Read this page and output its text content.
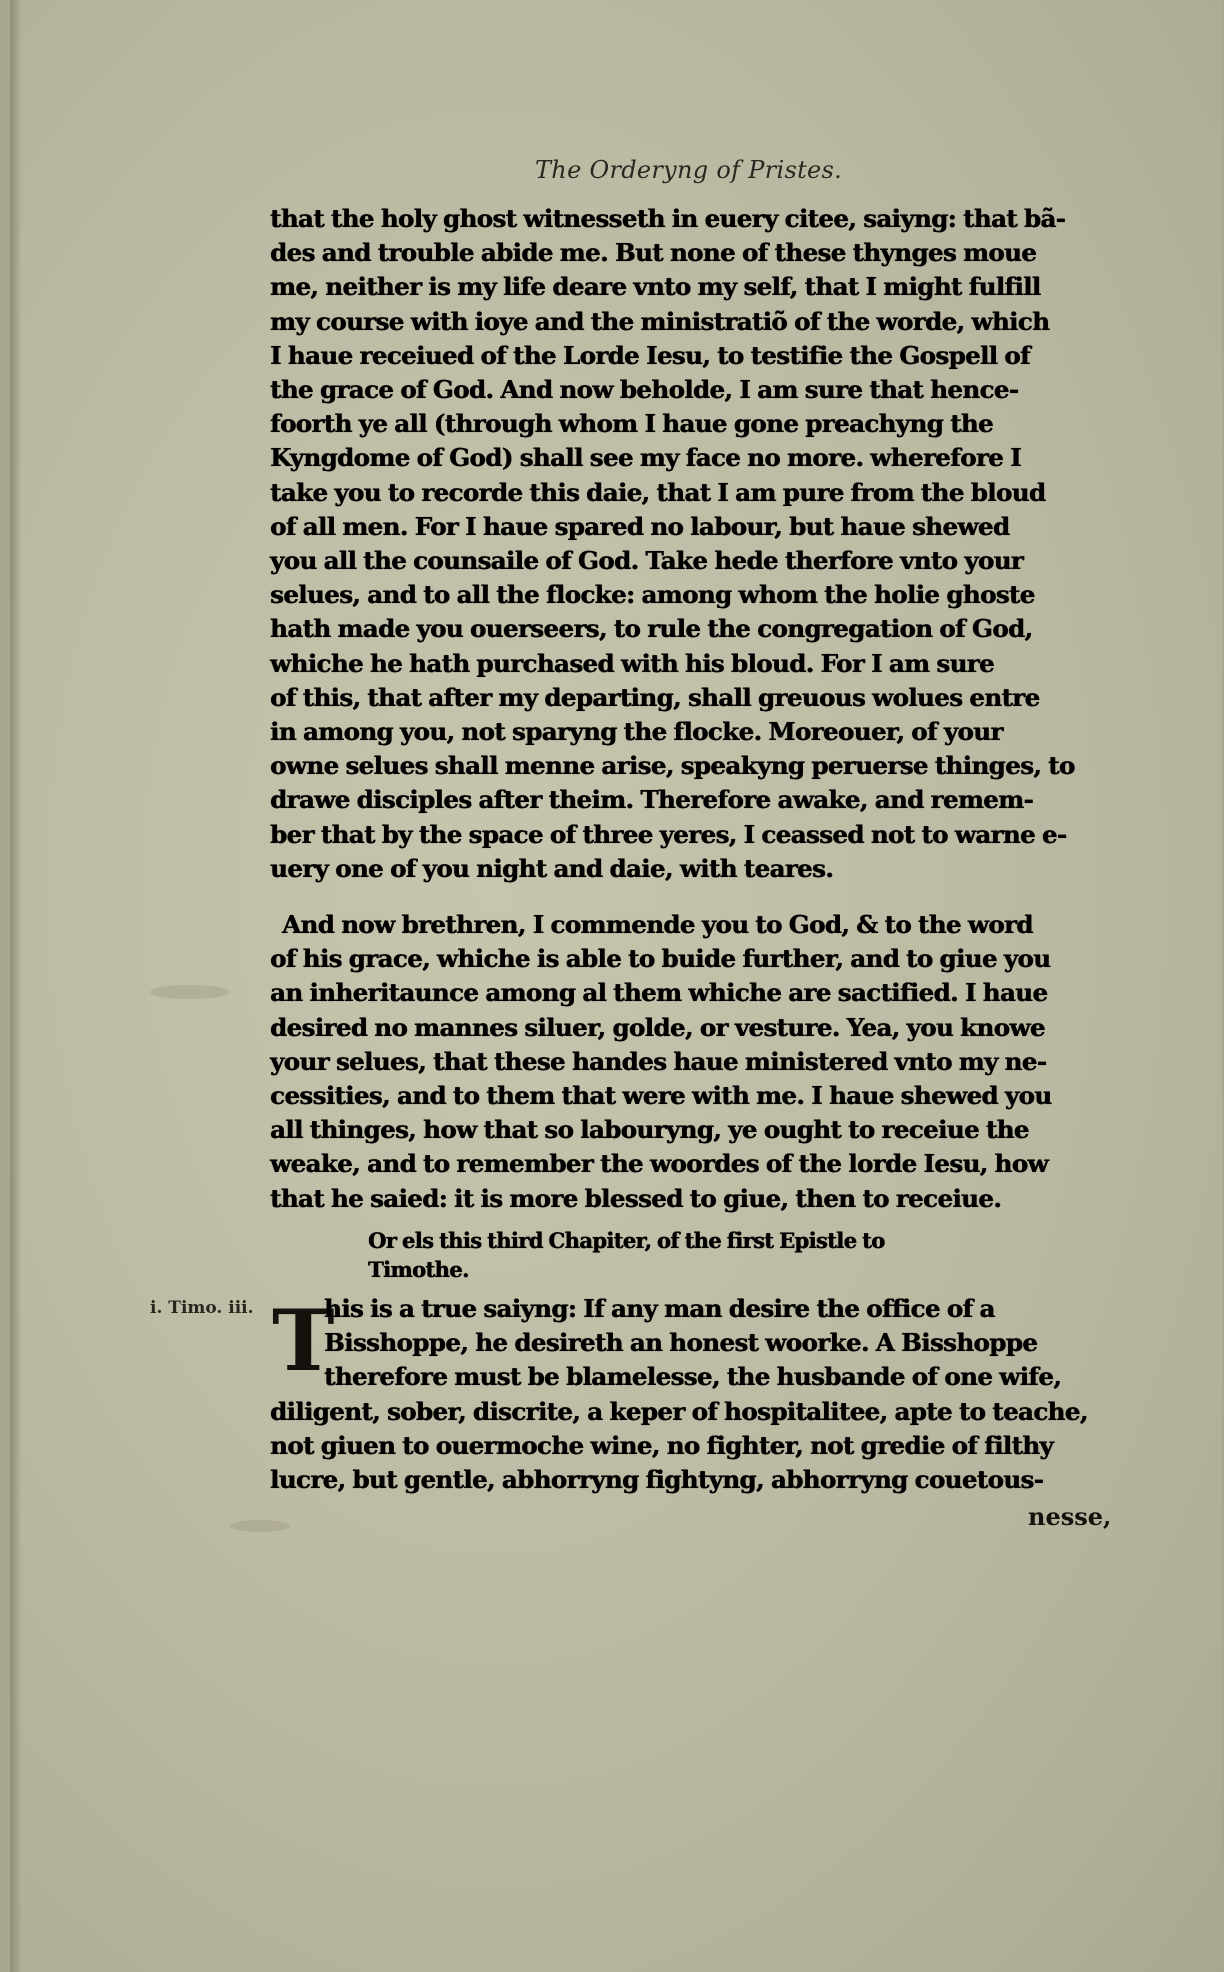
The Orderyng of Pristes.
that the holy ghost witnesseth in euery citee, saiyng: that bã-
des and trouble abide me. But none of these thynges moue
me, neither is my life deare vnto my self, that I might fulfill
my course with ioye and the ministratiõ of the worde, which
I haue receiued of the Lorde Iesu, to testifie the Gospell of
the grace of God. And now beholde, I am sure that hence-
foorth ye all (through whom I haue gone preachyng the
Kyngdome of God) shall see my face no more. wherefore I
take you to recorde this daie, that I am pure from the bloud
of all men. For I haue spared no labour, but haue shewed
you all the counsaile of God. Take hede therfore vnto your
selues, and to all the flocke: among whom the holie ghoste
hath made you ouerseers, to rule the congregation of God,
whiche he hath purchased with his bloud. For I am sure
of this, that after my departing, shall greuous wolues entre
in among you, not sparyng the flocke. Moreouer, of your
owne selues shall menne arise, speakyng peruerse thinges, to
drawe disciples after theim. Therefore awake, and remem-
ber that by the space of three yeres, I ceassed not to warne e-
uery one of you night and daie, with teares.
And now brethren, I commende you to God, & to the word
of his grace, whiche is able to buide further, and to giue you
an inheritaunce among al them whiche are sactified. I haue
desired no mannes siluer, golde, or vesture. Yea, you knowe
your selues, that these handes haue ministered vnto my ne-
cessities, and to them that were with me. I haue shewed you
all thinges, how that so labouryng, ye ought to receiue the
weake, and to remember the woordes of the lorde Iesu, how
that he saied: it is more blessed to giue, then to receiue.
Or els this third Chapiter, of the first Epistle to
Timothe.
i. Timo. iii. T
his is a true saiyng: If any man desire the office of a
Bisshoppe, he desireth an honest woorke. A Bisshoppe
therefore must be blamelesse, the husbande of one wife,
diligent, sober, discrite, a keper of hospitalitee, apte to teache,
not giuen to ouermoche wine, no fighter, not gredie of filthy
lucre, but gentle, abhorryng fightyng, abhorryng couetous-
nesse,
